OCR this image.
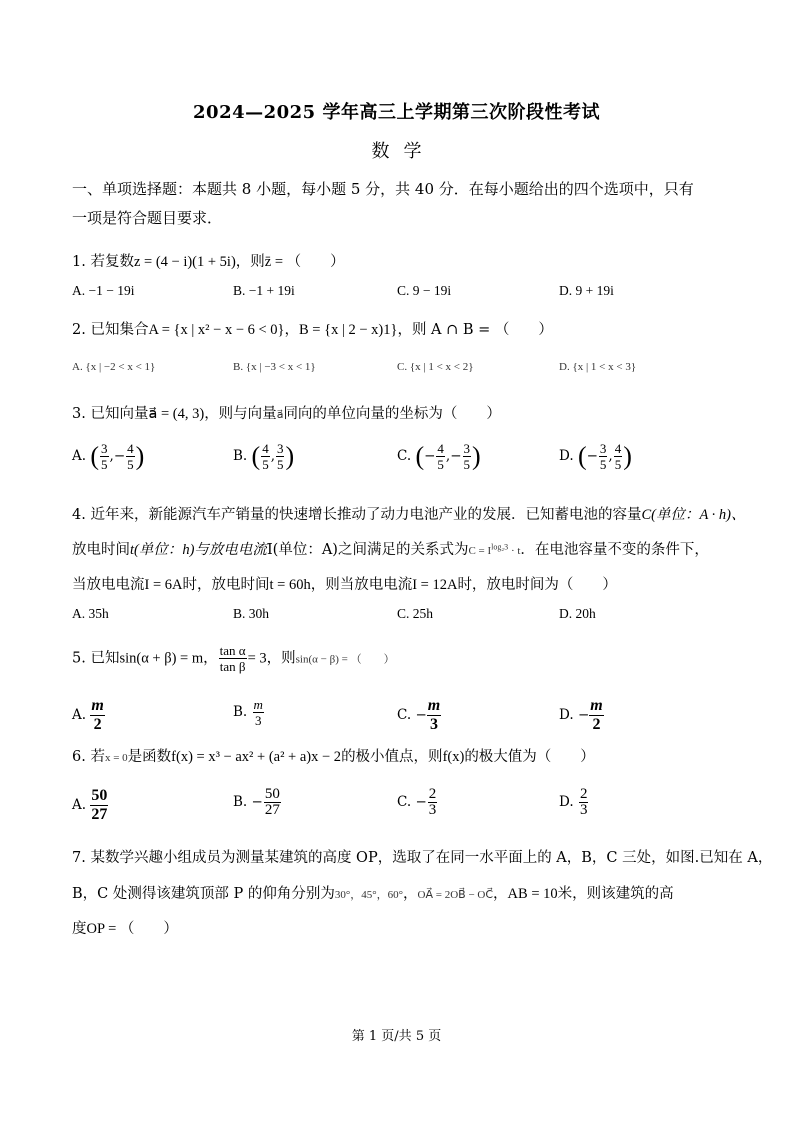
2024—2025 学年高三上学期第三次阶段性考试
数学
一、单项选择题：本题共 8 小题，每小题 5 分，共 40 分．在每小题给出的四个选项中，只有
一项是符合题目要求．
1. 若复数z = (4 − i)(1 + 5i)，则z̄ = （　　）
A. −1 − 19i	B. −1 + 19i	C. 9 − 19i	D. 9 + 19i
2. 已知集合A = {x | x² − x − 6 < 0}，B = {x | 2 − x)1}，则 A ∩ B = （　　）
A. {x | −2 < x < 1}	B. {x | −3 < x < 1}	C. {x | 1 < x < 2}	D. {x | 1 < x < 3}
3. 已知向量a⃗ = (4, 3)，则与向量a⃗同向的单位向量的坐标为（　　）
A. ( $\frac{3}{5}$ ,− $\frac{4}{5}$ )	B. ( $\frac{4}{5}$ , $\frac{3}{5}$ )	C. (− $\frac{4}{5}$ ,− $\frac{3}{5}$ )	D. (− $\frac{3}{5}$ , $\frac{4}{5}$ )
4. 近年来，新能源汽车产销量的快速增长推动了动力电池产业的发展．已知蓄电池的容量C(单位：A · h)、
放电时间t(单位：h)与放电电流I(单位：A)之间满足的关系式为$C = I^{log_23} \cdot t$．在电池容量不变的条件下，
当放电电流I = 6A时，放电时间t = 60h，则当放电电流I = 12A时，放电时间为（　　）
A. 35h	B. 30h	C. 25h	D. 20h
5. 已知sin(α + β) = m， $\frac{\text{tan α}}{\text{tan β}} = 3$，则sin(α − β) = （　　）
A. $\frac{m}{2}$	B. $\frac{m}{3}$	C. − $\frac{m}{3}$	D. − $\frac{m}{2}$
6. 若x = 0是函数f(x) = x³ − ax² + (a² + a)x − 2的极小值点，则f(x)的极大值为（　　）
A. $\frac{50}{27}$	B. − $\frac{50}{27}$	C. − $\frac{2}{3}$	D. $\frac{2}{3}$
7. 某数学兴趣小组成员为测量某建筑的高度 OP，选取了在同一水平面上的 A，B，C 三处，如图.已知在 A，
B，C 处测得该建筑顶部 P 的仰角分别为30°，45°，60°，OA⃗ = 2OB⃗ − OC⃗，AB = 10米，则该建筑的高
度OP = （　　）
第 1 页/共 5 页
